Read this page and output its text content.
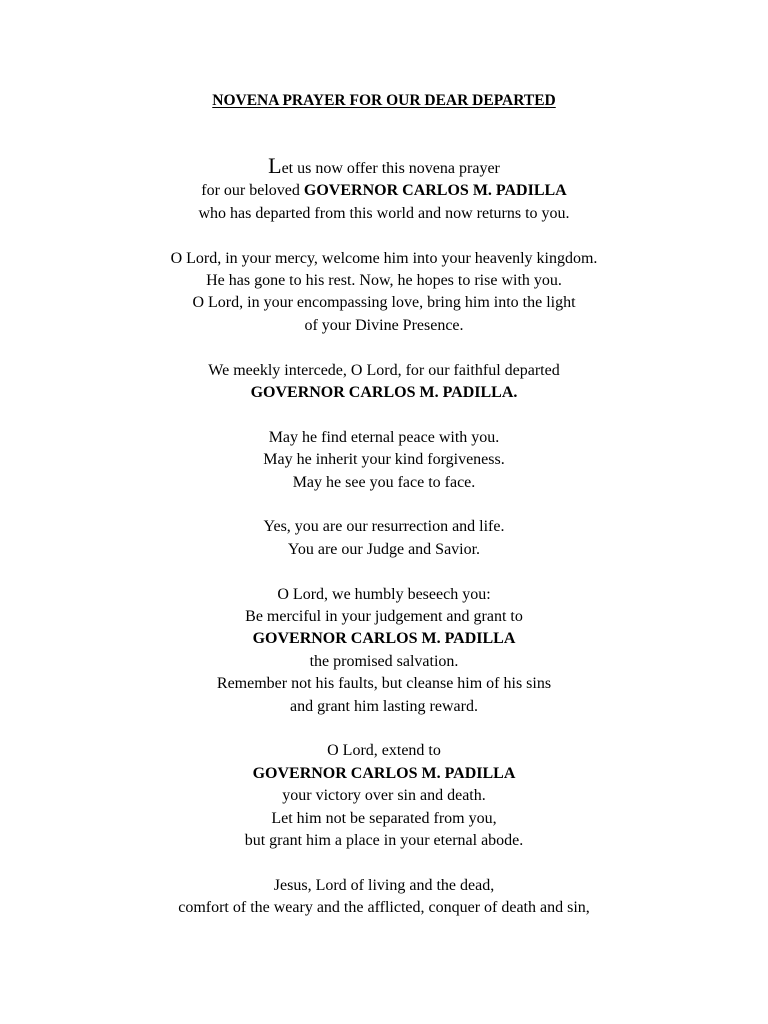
NOVENA PRAYER FOR OUR DEAR DEPARTED
Let us now offer this novena prayer
for our beloved GOVERNOR CARLOS M. PADILLA
who has departed from this world and now returns to you.
O Lord, in your mercy, welcome him into your heavenly kingdom.
He has gone to his rest. Now, he hopes to rise with you.
O Lord, in your encompassing love, bring him into the light
of your Divine Presence.
We meekly intercede, O Lord, for our faithful departed
GOVERNOR CARLOS M. PADILLA.
May he find eternal peace with you.
May he inherit your kind forgiveness.
May he see you face to face.
Yes, you are our resurrection and life.
You are our Judge and Savior.
O Lord, we humbly beseech you:
Be merciful in your judgement and grant to
GOVERNOR CARLOS M. PADILLA
the promised salvation.
Remember not his faults, but cleanse him of his sins
and grant him lasting reward.
O Lord, extend to
GOVERNOR CARLOS M. PADILLA
your victory over sin and death.
Let him not be separated from you,
but grant him a place in your eternal abode.
Jesus, Lord of living and the dead,
comfort of the weary and the afflicted, conquer of death and sin,
